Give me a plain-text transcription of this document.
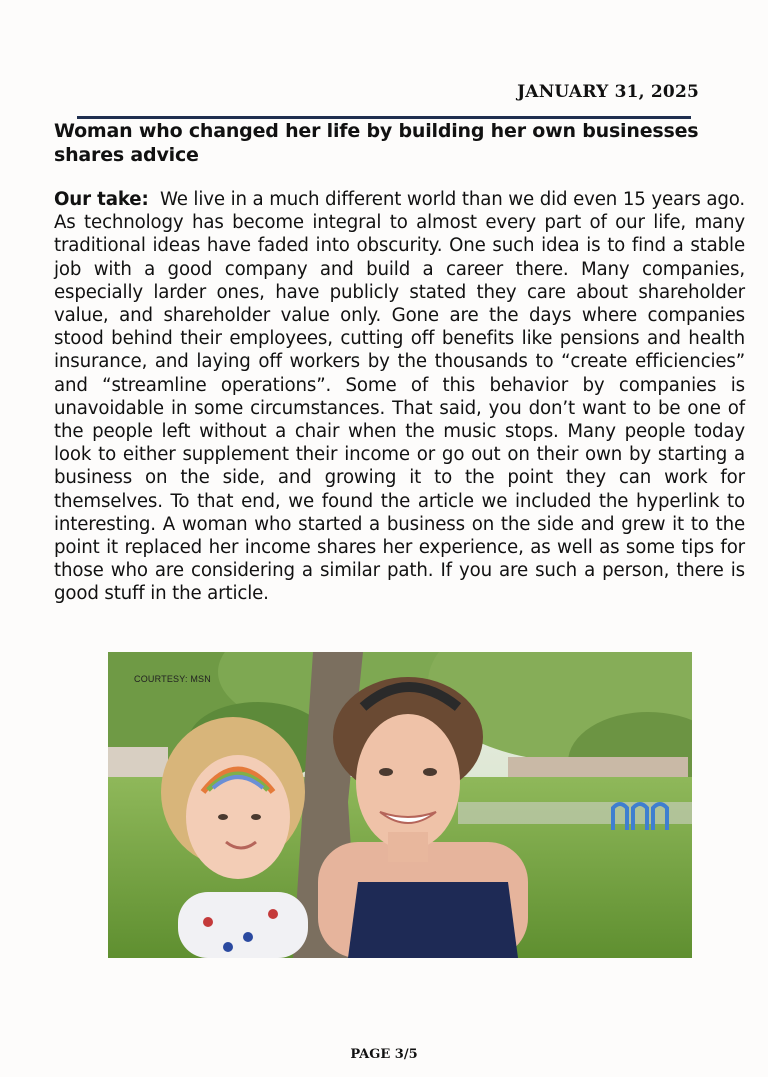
JANUARY 31, 2025
Woman who changed her life by building her own businesses shares advice

Our take: We live in a much different world than we did even 15 years ago. As technology has become integral to almost every part of our life, many traditional ideas have faded into obscurity. One such idea is to find a stable job with a good company and build a career there. Many companies, especially larder ones, have publicly stated they care about shareholder value, and shareholder value only. Gone are the days where companies stood behind their employees, cutting off benefits like pensions and health insurance, and laying off workers by the thousands to “create efficiencies” and “streamline operations”. Some of this behavior by companies is unavoidable in some circumstances. That said, you don’t want to be one of the people left without a chair when the music stops. Many people today look to either supplement their income or go out on their own by starting a business on the side, and growing it to the point they can work for themselves. To that end, we found the article we included the hyperlink to interesting. A woman who started a business on the side and grew it to the point it replaced her income shares her experience, as well as some tips for those who are considering a similar path. If you are such a person, there is good stuff in the article.

COURTESY: MSN
PAGE 3/5
